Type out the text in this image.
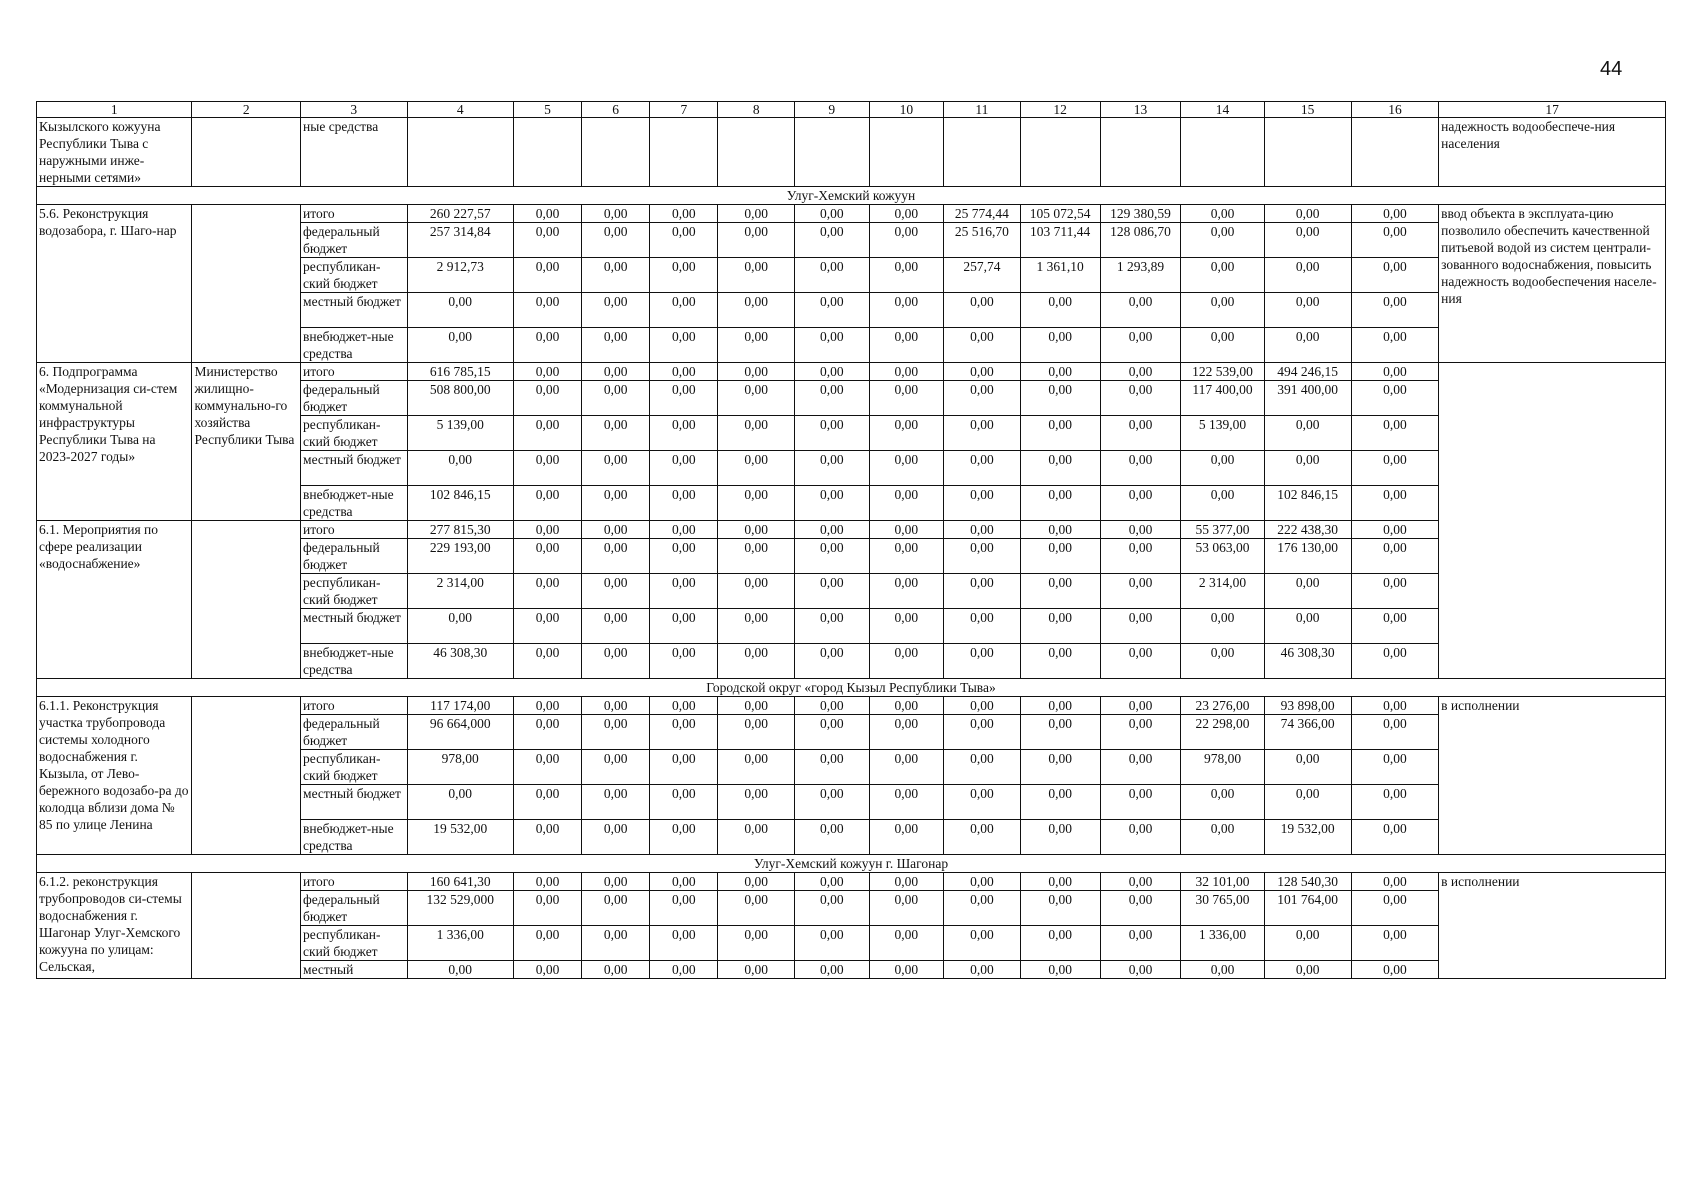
44
1	2	3	4	5	6	7	8	9	10	11	12	13	14	15	16	17
Кызылского кожууна Республики Тыва с наружными инже-нерными сетями»		ные средства														надежность водообеспече-ния населения
Улуг-Хемский кожуун																
5.6. Реконструкция водозабора, г. Шаго-нар		итого	260 227,57	0,00	0,00	0,00	0,00	0,00	0,00	25 774,44	105 072,54	129 380,59	0,00	0,00	0,00	ввод объекта в эксплуата-цию позволило обеспечить качественной питьевой водой из систем централи-зованного водоснабжения, повысить надежность водообеспечения населе-ния
		федеральный бюджет	257 314,84	0,00	0,00	0,00	0,00	0,00	0,00	25 516,70	103 711,44	128 086,70	0,00	0,00	0,00	
		республикан-ский бюджет	2 912,73	0,00	0,00	0,00	0,00	0,00	0,00	257,74	1 361,10	1 293,89	0,00	0,00	0,00	
		местный бюджет	0,00	0,00	0,00	0,00	0,00	0,00	0,00	0,00	0,00	0,00	0,00	0,00	0,00	
		внебюджет-ные средства	0,00	0,00	0,00	0,00	0,00	0,00	0,00	0,00	0,00	0,00	0,00	0,00	0,00	
6. Подпрограмма «Модернизация си-стем коммунальной инфраструктуры Республики Тыва на 2023-2027 годы»	Министерство жилищно-коммунально-го хозяйства Республики Тыва	итого	616 785,15	0,00	0,00	0,00	0,00	0,00	0,00	0,00	0,00	0,00	122 539,00	494 246,15	0,00	
		федеральный бюджет	508 800,00	0,00	0,00	0,00	0,00	0,00	0,00	0,00	0,00	0,00	117 400,00	391 400,00	0,00	
		республикан-ский бюджет	5 139,00	0,00	0,00	0,00	0,00	0,00	0,00	0,00	0,00	0,00	5 139,00	0,00	0,00	
		местный бюджет	0,00	0,00	0,00	0,00	0,00	0,00	0,00	0,00	0,00	0,00	0,00	0,00	0,00	
		внебюджет-ные средства	102 846,15	0,00	0,00	0,00	0,00	0,00	0,00	0,00	0,00	0,00	0,00	102 846,15	0,00	
6.1. Мероприятия по сфере реализации «водоснабжение»		итого	277 815,30	0,00	0,00	0,00	0,00	0,00	0,00	0,00	0,00	0,00	55 377,00	222 438,30	0,00	
		федеральный бюджет	229 193,00	0,00	0,00	0,00	0,00	0,00	0,00	0,00	0,00	0,00	53 063,00	176 130,00	0,00	
		республикан-ский бюджет	2 314,00	0,00	0,00	0,00	0,00	0,00	0,00	0,00	0,00	0,00	2 314,00	0,00	0,00	
		местный бюджет	0,00	0,00	0,00	0,00	0,00	0,00	0,00	0,00	0,00	0,00	0,00	0,00	0,00	
		внебюджет-ные средства	46 308,30	0,00	0,00	0,00	0,00	0,00	0,00	0,00	0,00	0,00	0,00	46 308,30	0,00	
Городской округ «город Кызыл Республики Тыва»																
6.1.1. Реконструкция участка трубопровода системы холодного водоснабжения г. Кызыла, от Лево-бережного водозабо-ра до колодца вблизи дома № 85 по улице Ленина		итого	117 174,00	0,00	0,00	0,00	0,00	0,00	0,00	0,00	0,00	0,00	23 276,00	93 898,00	0,00	в исполнении
		федеральный бюджет	96 664,000	0,00	0,00	0,00	0,00	0,00	0,00	0,00	0,00	0,00	22 298,00	74 366,00	0,00	
		республикан-ский бюджет	978,00	0,00	0,00	0,00	0,00	0,00	0,00	0,00	0,00	0,00	978,00	0,00	0,00	
		местный бюджет	0,00	0,00	0,00	0,00	0,00	0,00	0,00	0,00	0,00	0,00	0,00	0,00	0,00	
		внебюджет-ные средства	19 532,00	0,00	0,00	0,00	0,00	0,00	0,00	0,00	0,00	0,00	0,00	19 532,00	0,00	
Улуг-Хемский кожуун г. Шагонар																
6.1.2. реконструкция трубопроводов си-стемы водоснабжения г. Шагонар Улуг-Хемского кожууна по улицам: Сельская,		итого	160 641,30	0,00	0,00	0,00	0,00	0,00	0,00	0,00	0,00	0,00	32 101,00	128 540,30	0,00	в исполнении
		федеральный бюджет	132 529,000	0,00	0,00	0,00	0,00	0,00	0,00	0,00	0,00	0,00	30 765,00	101 764,00	0,00	
		республикан-ский бюджет	1 336,00	0,00	0,00	0,00	0,00	0,00	0,00	0,00	0,00	0,00	1 336,00	0,00	0,00	
		местный	0,00	0,00	0,00	0,00	0,00	0,00	0,00	0,00	0,00	0,00	0,00	0,00	0,00	
